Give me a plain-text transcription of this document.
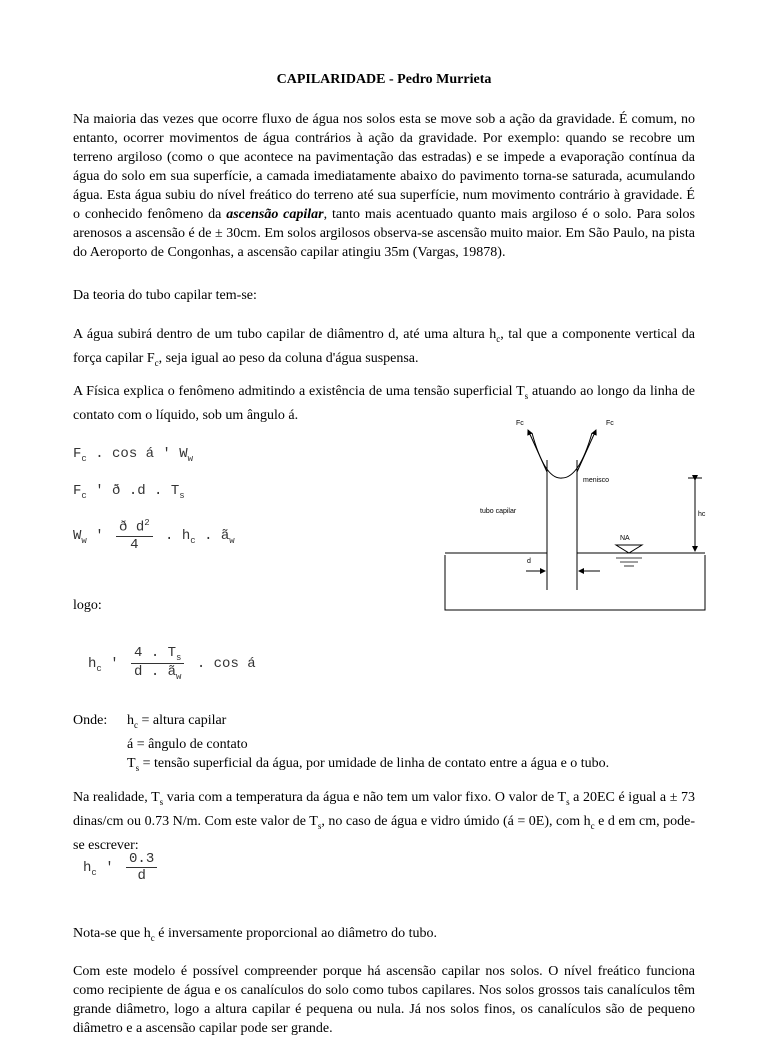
CAPILARIDADE - Pedro Murrieta

Na maioria das vezes que ocorre fluxo de água nos solos esta se move sob a ação da gravidade. É comum, no entanto, ocorrer movimentos de água contrários à ação da gravidade. Por exemplo: quando se recobre um terreno argiloso (como o que acontece na pavimentação das estradas) e se impede a evaporação contínua da água do solo em sua superfície, a camada imediatamente abaixo do pavimento torna-se saturada, acumulando água. Esta água subiu do nível freático do terreno até sua superfície, num movimento contrário à gravidade. É o conhecido fenômeno da ascensão capilar, tanto mais acentuado quanto mais argiloso é o solo. Para solos arenosos a ascensão é de ± 30cm. Em solos argilosos observa-se ascensão muito maior. Em São Paulo, na pista do Aeroporto de Congonhas, a ascensão capilar atingiu 35m (Vargas, 19878).

Da teoria do tubo capilar tem-se:

A água subirá dentro de um tubo capilar de diâmentro d, até uma altura $h_c$, tal que a componente vertical da força capilar $F_c$, seja igual ao peso da coluna d'água suspensa.

A Física explica o fenômeno admitindo a existência de uma tensão superficial $T_s$ atuando ao longo da linha de contato com o líquido, sob um ângulo á.

$F_c$ . cos á ' $W_w$
$F_c$ ' ð .d . $T_s$
$W_w$ ' $\frac{ð d^2}{4}$ . $h_c$ . $ã_w$
logo:
$h_c$ ' $\frac{4 . T_s}{d . ã_w}$ . cos á
Onde: $h_c$ = altura capilar
á = ângulo de contato
$T_s$ = tensão superficial da água, por umidade de linha de contato entre a água e o tubo.

Na realidade, $T_s$ varia com a temperatura da água e não tem um valor fixo. O valor de $T_s$ a 20EC é igual a ± 73 dinas/cm ou 0.73 N/m. Com este valor de $T_s$, no caso de água e vidro úmido (á = 0E), com $h_c$ e d em cm, pode-se escrever:

$h_c$ ' $\frac{0.3}{d}$

Nota-se que $h_c$ é inversamente proporcional ao diâmetro do tubo.

Com este modelo é possível compreender porque há ascensão capilar nos solos. O nível freático funciona como recipiente de água e os canalículos do solo como tubos capilares. Nos solos grossos tais canalículos têm grande diâmetro, logo a altura capilar é pequena ou nula. Já nos solos finos, os canalículos são de pequeno diâmetro e a ascensão capilar pode ser grande.

Fc	Fc
menisco
tubo capilar	hc
NA
d
